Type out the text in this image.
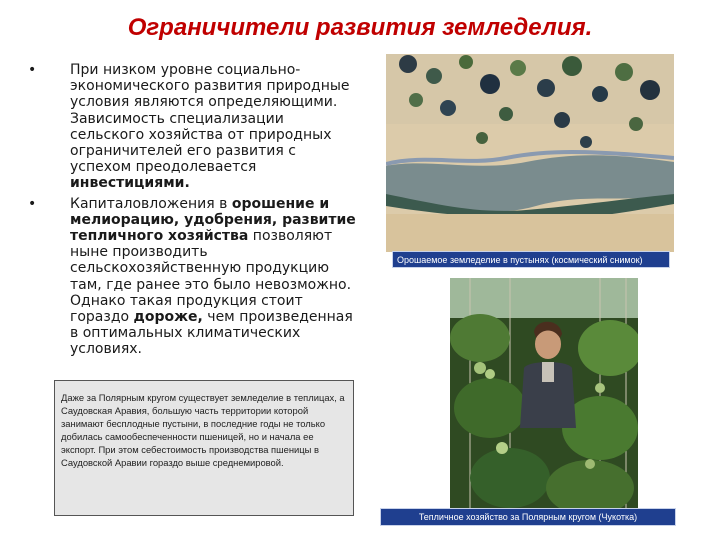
Ограничители развития земледелия.
• При низком уровне социально-экономического развития природные условия являются определяющими. Зависимость специализации сельского хозяйства от природных ограничителей его развития с успехом преодолевается инвестициями.
• Капиталовложения в орошение и мелиорацию, удобрения, развитие тепличного хозяйства позволяют ныне производить сельскохозяйственную продукцию там, где ранее это было невозможно. Однако такая продукция стоит гораздо дороже, чем произведенная в оптимальных климатических условиях.
Даже за Полярным кругом существует земледелие в теплицах, а Саудовская Аравия, большую часть территории которой занимают бесплодные пустыни, в последние годы не только добилась самообеспеченности пшеницей, но и начала ее экспорт. При этом себестоимость производства пшеницы в Саудовской Аравии гораздо выше среднемировой.
Орошаемое земледелие в пустынях (космический снимок)
Тепличное хозяйство за Полярным кругом (Чукотка)
